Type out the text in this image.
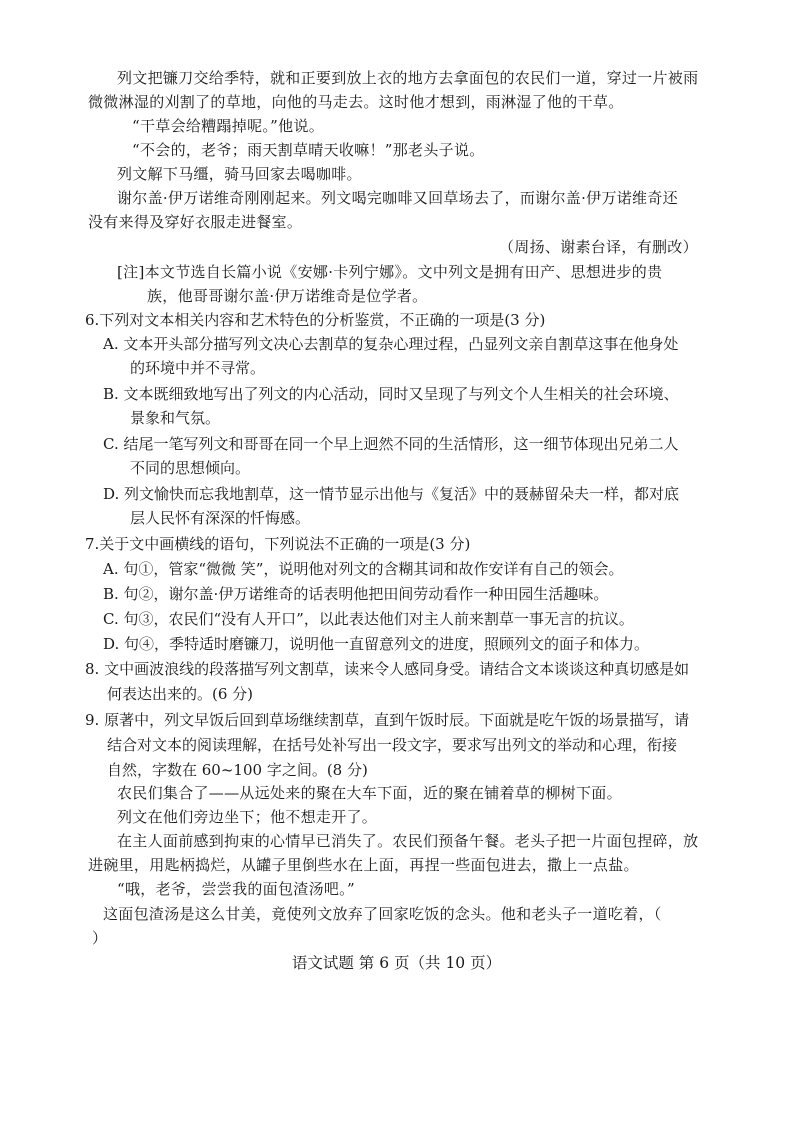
列文把镰刀交给季特，就和正要到放上衣的地方去拿面包的农民们一道，穿过一片被雨
微微淋湿的刈割了的草地，向他的马走去。这时他才想到，雨淋湿了他的干草。
“干草会给糟蹋掉呢。”他说。
“不会的，老爷；雨天割草晴天收嘛！”那老头子说。
列文解下马缰，骑马回家去喝咖啡。
谢尔盖·伊万诺维奇刚刚起来。列文喝完咖啡又回草场去了，而谢尔盖·伊万诺维奇还
没有来得及穿好衣服走进餐室。
（周扬、谢素台译，有删改）
[注]本文节选自长篇小说《安娜·卡列宁娜》。文中列文是拥有田产、思想进步的贵
族，他哥哥谢尔盖·伊万诺维奇是位学者。
6.下列对文本相关内容和艺术特色的分析鉴赏，不正确的一项是(3 分)
A. 文本开头部分描写列文决心去割草的复杂心理过程，凸显列文亲自割草这事在他身处
的环境中并不寻常。
B. 文本既细致地写出了列文的内心活动，同时又呈现了与列文个人生相关的社会环境、
景象和气氛。
C. 结尾一笔写列文和哥哥在同一个早上迥然不同的生活情形，这一细节体现出兄弟二人
不同的思想倾向。
D. 列文愉快而忘我地割草，这一情节显示出他与《复活》中的聂赫留朵夫一样，都对底
层人民怀有深深的忏悔感。
7.关于文中画横线的语句，下列说法不正确的一项是(3 分)
A. 句①，管家“微微 笑”，说明他对列文的含糊其词和故作安详有自己的领会。
B. 句②，谢尔盖·伊万诺维奇的话表明他把田间劳动看作一种田园生活趣味。
C. 句③，农民们“没有人开口”，以此表达他们对主人前来割草一事无言的抗议。
D. 句④，季特适时磨镰刀，说明他一直留意列文的进度，照顾列文的面子和体力。
8. 文中画波浪线的段落描写列文割草，读来令人感同身受。请结合文本谈谈这种真切感是如
何表达出来的。(6 分)
9. 原著中，列文早饭后回到草场继续割草，直到午饭时辰。下面就是吃午饭的场景描写，请
结合对文本的阅读理解，在括号处补写出一段文字，要求写出列文的举动和心理，衔接
自然，字数在 60~100 字之间。(8 分)
农民们集合了——从远处来的聚在大车下面，近的聚在铺着草的柳树下面。
列文在他们旁边坐下；他不想走开了。
在主人面前感到拘束的心情早已消失了。农民们预备午餐。老头子把一片面包捏碎，放
进碗里，用匙柄捣烂，从罐子里倒些水在上面，再捏一些面包进去，撒上一点盐。
“哦，老爷，尝尝我的面包渣汤吧。”
这面包渣汤是这么甘美，竟使列文放弃了回家吃饭的念头。他和老头子一道吃着，（
）
语文试题 第 6 页（共 10 页）
